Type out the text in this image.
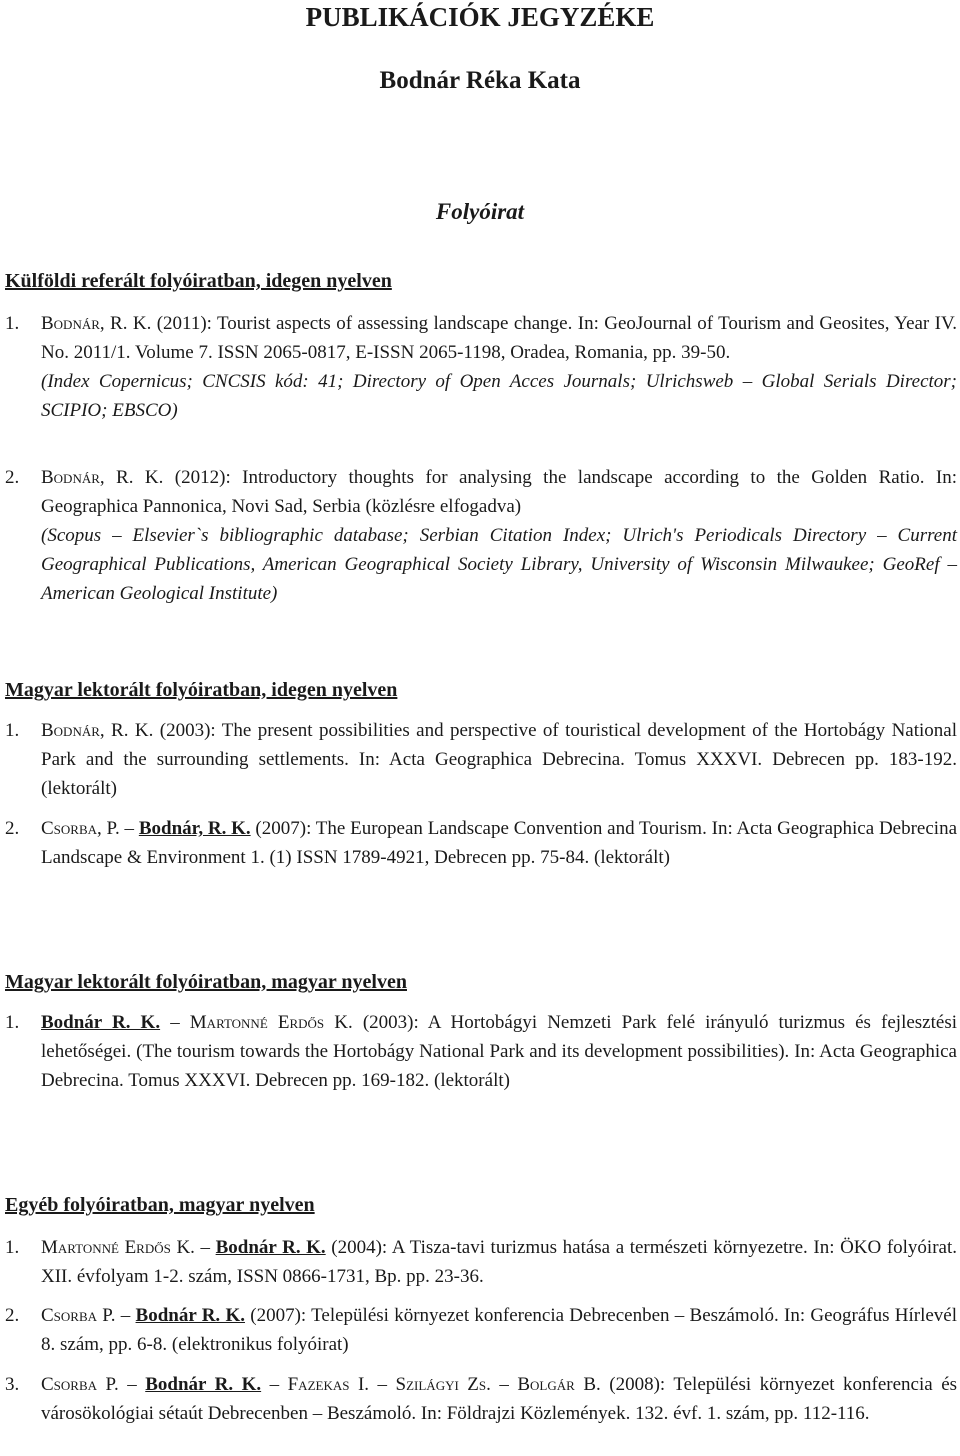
PUBLIKÁCIÓK JEGYZÉKE
Bodnár Réka Kata
Folyóirat
Külföldi referált folyóiratban, idegen nyelven
1.	Bodnár, R. K. (2011): Tourist aspects of assessing landscape change. In: GeoJournal of Tourism and Geosites, Year IV. No. 2011/1. Volume 7. ISSN 2065-0817, E-ISSN 2065-1198, Oradea, Romania, pp. 39-50.
(Index Copernicus; CNCSIS kód: 41; Directory of Open Acces Journals; Ulrichsweb – Global Serials Director; SCIPIO; EBSCO)
2.	Bodnár, R. K. (2012): Introductory thoughts for analysing the landscape according to the Golden Ratio. In: Geographica Pannonica, Novi Sad, Serbia (közlésre elfogadva)
(Scopus – Elsevier`s bibliographic database; Serbian Citation Index; Ulrich's Periodicals Directory – Current Geographical Publications, American Geographical Society Library, University of Wisconsin Milwaukee; GeoRef – American Geological Institute)
Magyar lektorált folyóiratban, idegen nyelven
1.	Bodnár, R. K. (2003): The present possibilities and perspective of touristical development of the Hortobágy National Park and the surrounding settlements. In: Acta Geographica Debrecina. Tomus XXXVI. Debrecen pp. 183-192. (lektorált)
2.	Csorba, P. – Bodnár, R. K. (2007): The European Landscape Convention and Tourism. In: Acta Geographica Debrecina Landscape & Environment 1. (1) ISSN 1789-4921, Debrecen pp. 75-84. (lektorált)
Magyar lektorált folyóiratban, magyar nyelven
1.	Bodnár R. K. – Martonné Erdős K. (2003): A Hortobágyi Nemzeti Park felé irányuló turizmus és fejlesztési lehetőségei. (The tourism towards the Hortobágy National Park and its development possibilities). In: Acta Geographica Debrecina. Tomus XXXVI. Debrecen pp. 169-182. (lektorált)
Egyéb folyóiratban, magyar nyelven
1.	Martonné Erdős K. – Bodnár R. K. (2004): A Tisza-tavi turizmus hatása a természeti környezetre. In: ÖKO folyóirat. XII. évfolyam 1-2. szám, ISSN 0866-1731, Bp. pp. 23-36.
2.	Csorba P. – Bodnár R. K. (2007): Települési környezet konferencia Debrecenben – Beszámoló. In: Geográfus Hírlevél 8. szám, pp. 6-8. (elektronikus folyóirat)
3.	Csorba P. – Bodnár R. K. – Fazekas I. – Szilágyi Zs. – Bolgár B. (2008): Települési környezet konferencia és városökológiai sétaút Debrecenben – Beszámoló. In: Földrajzi Közlemények. 132. évf. 1. szám, pp. 112-116.
